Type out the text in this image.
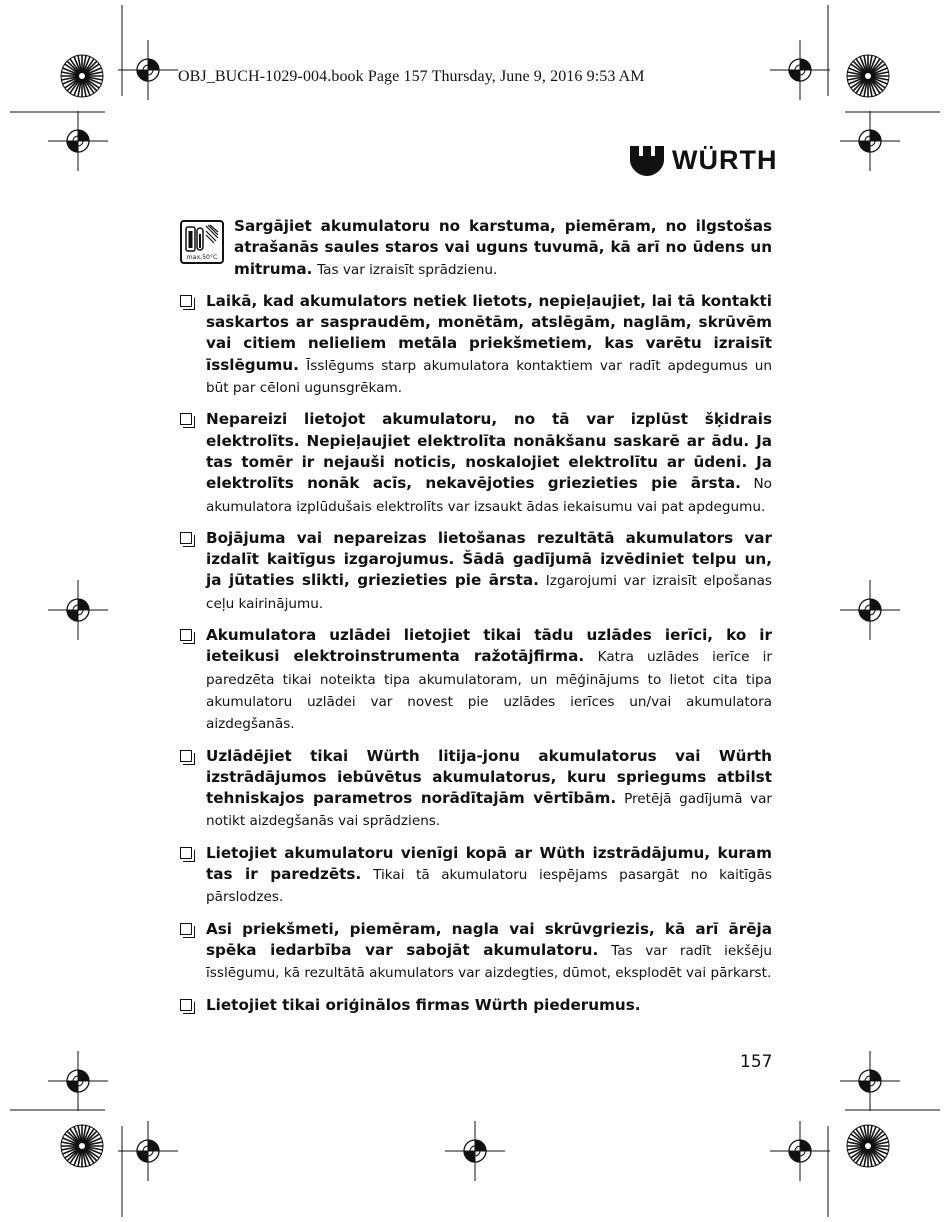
OBJ_BUCH-1029-004.book Page 157 Thursday, June 9, 2016 9:53 AM
WÜRTH
max.50°C
Sargājiet akumulatoru no karstuma, piemēram, no ilgstošas atrašanās saules staros vai uguns tuvumā, kā arī no ūdens un mitruma. Tas var izraisīt sprādzienu.
Laikā, kad akumulators netiek lietots, nepieļaujiet, lai tā kontakti saskartos ar saspraudēm, monētām, atslēgām, naglām, skrūvēm vai citiem nelieliem metāla priekšmetiem, kas varētu izraisīt īsslēgumu. Īsslēgums starp akumulatora kontaktiem var radīt apdegumus un būt par cēloni ugunsgrēkam.
Nepareizi lietojot akumulatoru, no tā var izplūst šķidrais elektrolīts. Nepieļaujiet elektrolīta nonākšanu saskarē ar ādu. Ja tas tomēr ir nejauši noticis, noskalojiet elektrolītu ar ūdeni. Ja elektrolīts nonāk acīs, nekavējoties griezieties pie ārsta. No akumulatora izplūdušais elektrolīts var izsaukt ādas iekaisumu vai pat apdegumu.
Bojājuma vai nepareizas lietošanas rezultātā akumulators var izdalīt kaitīgus izgarojumus. Šādā gadījumā izvēdiniet telpu un, ja jūtaties slikti, griezieties pie ārsta. Izgarojumi var izraisīt elpošanas ceļu kairinājumu.
Akumulatora uzlādei lietojiet tikai tādu uzlādes ierīci, ko ir ieteikusi elektroinstrumenta ražotājfirma. Katra uzlādes ierīce ir paredzēta tikai noteikta tipa akumulatoram, un mēģinājums to lietot cita tipa akumulatoru uzlādei var novest pie uzlādes ierīces un/vai akumulatora aizdegšanās.
Uzlādējiet tikai Würth litija-jonu akumulatorus vai Würth izstrādājumos iebūvētus akumulatorus, kuru spriegums atbilst tehniskajos parametros norādītajām vērtībām. Pretējā gadījumā var notikt aizdegšanās vai sprādziens.
Lietojiet akumulatoru vienīgi kopā ar Wüth izstrādājumu, kuram tas ir paredzēts. Tikai tā akumulatoru iespējams pasargāt no kaitīgās pārslodzes.
Asi priekšmeti, piemēram, nagla vai skrūvgriezis, kā arī ārēja spēka iedarbība var sabojāt akumulatoru. Tas var radīt iekšēju īsslēgumu, kā rezultātā akumulators var aizdegties, dūmot, eksplodēt vai pārkarst.
Lietojiet tikai oriģinālos firmas Würth piederumus.
157
